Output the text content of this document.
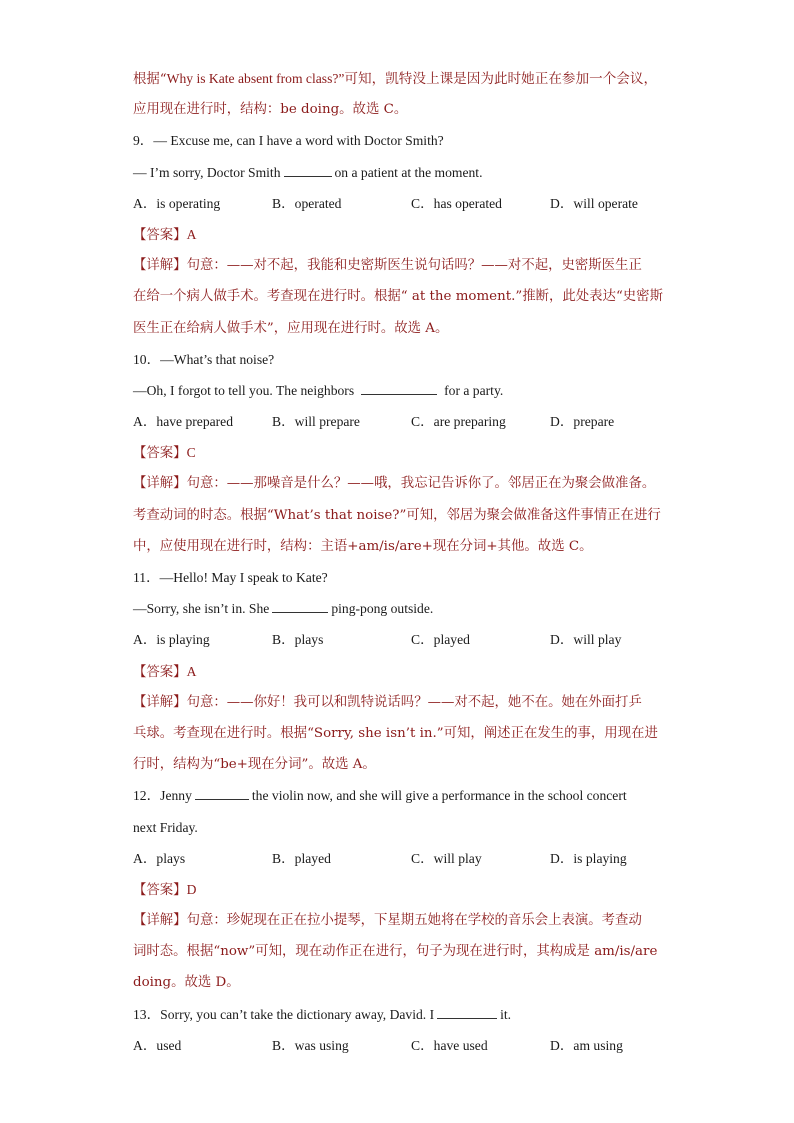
根据“Why is Kate absent from class?”可知，凯特没上课是因为此时她正在参加一个会议，
应用现在进行时，结构：be doing。故选 C。
9．— Excuse me, can I have a word with Doctor Smith?
— I’m sorry, Doctor Smith	on a patient at the moment.
A．is operating	B．operated	C．has operated	D．will operate
【答案】A
【详解】句意：——对不起，我能和史密斯医生说句话吗？——对不起，史密斯医生正
在给一个病人做手术。考查现在进行时。根据“ at the moment.”推断，此处表达“史密斯
医生正在给病人做手术”，应用现在进行时。故选 A。
10．—What’s that noise?
—Oh, I forgot to tell you. The neighbors	for a party.
A．have prepared	B．will prepare	C．are preparing	D．prepare
【答案】C
【详解】句意：——那噪音是什么？——哦，我忘记告诉你了。邻居正在为聚会做准备。
考查动词的时态。根据“What’s that noise?”可知，邻居为聚会做准备这件事情正在进行
中，应使用现在进行时，结构：主语+am/is/are+现在分词+其他。故选 C。
11．—Hello! May I speak to Kate?
—Sorry, she isn’t in. She	ping-pong outside.
A．is playing	B．plays	C．played	D．will play
【答案】A
【详解】句意：——你好！我可以和凯特说话吗？——对不起，她不在。她在外面打乒
乓球。考查现在进行时。根据“Sorry, she isn’t in.”可知，阐述正在发生的事，用现在进
行时，结构为“be+现在分词”。故选 A。
12．Jenny	the violin now, and she will give a performance in the school concert
next Friday.
A．plays	B．played	C．will play	D．is playing
【答案】D
【详解】句意：珍妮现在正在拉小提琴，下星期五她将在学校的音乐会上表演。考查动
词时态。根据“now”可知，现在动作正在进行，句子为现在进行时，其构成是 am/is/are
doing。故选 D。
13．Sorry, you can’t take the dictionary away, David. I	it.
A．used	B．was using	C．have used	D．am using
